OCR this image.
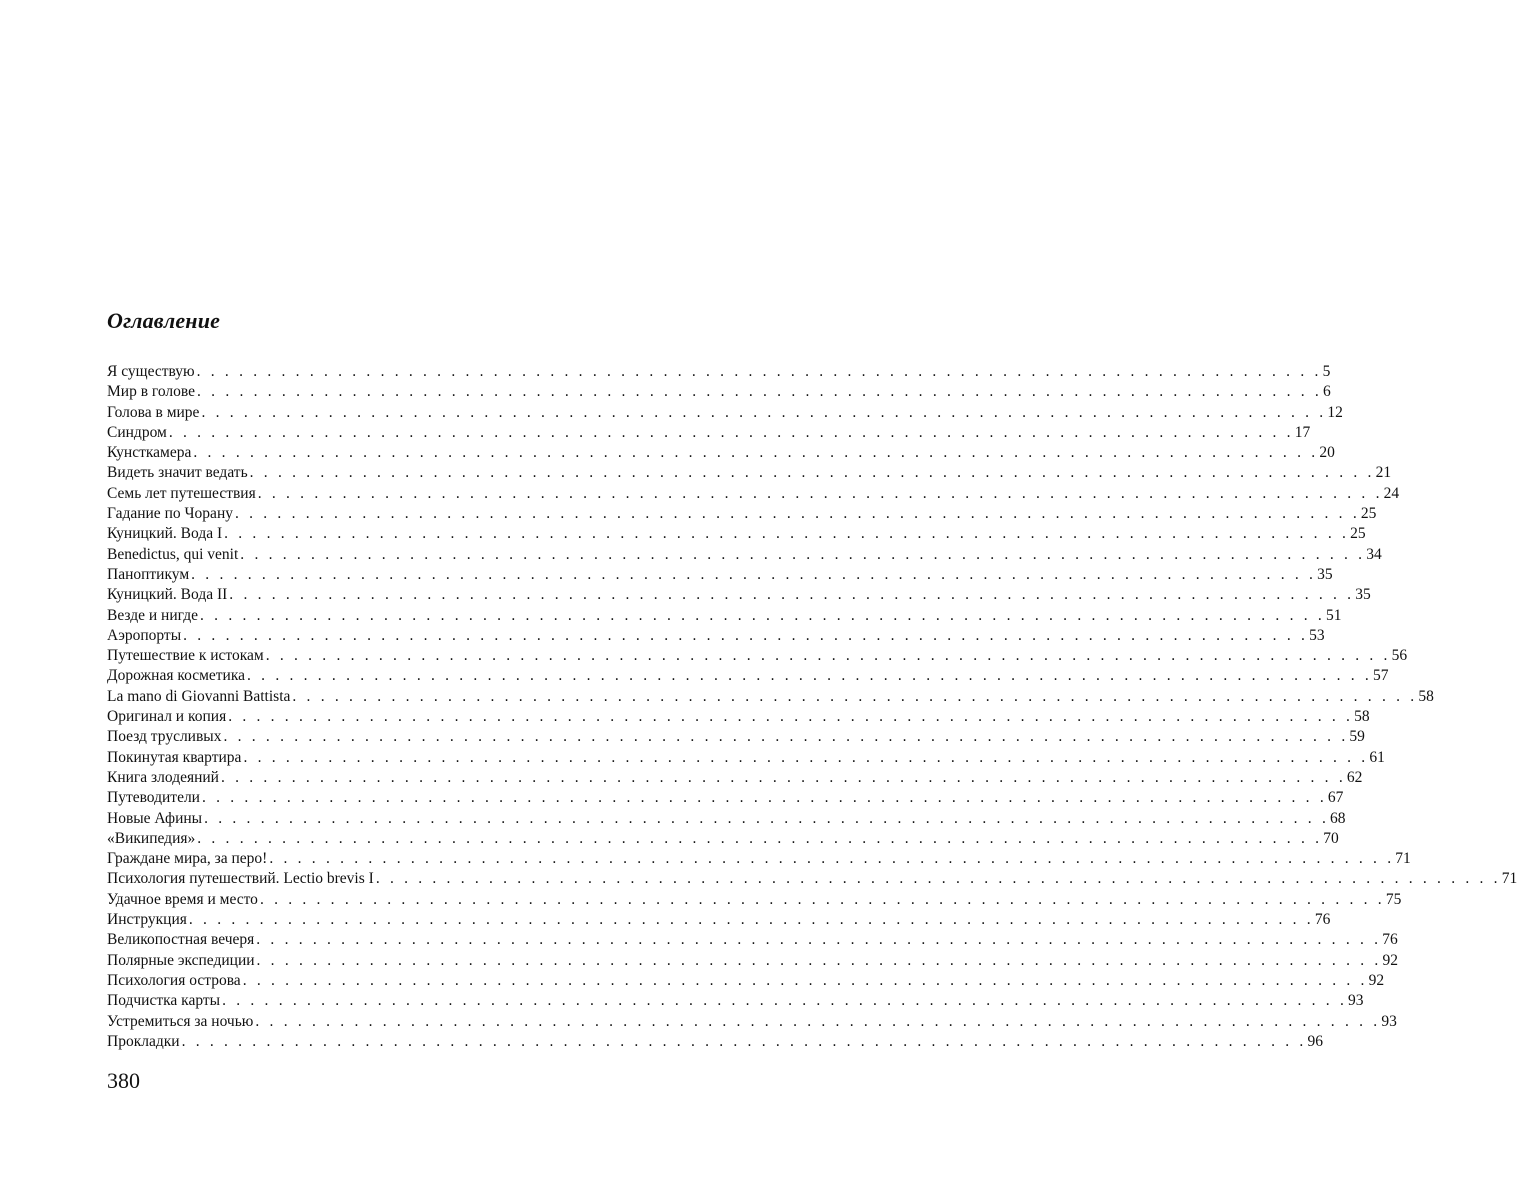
Оглавление
Я существую . . . . . . . . . . . . . . . . . . . . . . . . . . . . . . . . . . . . . . . . . . . . . . . . . . . . . . . . . . . . . . . . . . . . . . . . . . . . . . . . 5
Мир в голове . . . . . . . . . . . . . . . . . . . . . . . . . . . . . . . . . . . . . . . . . . . . . . . . . . . . . . . . . . . . . . . . . . . . . . . . . . . . . . . . 6
Голова в мире . . . . . . . . . . . . . . . . . . . . . . . . . . . . . . . . . . . . . . . . . . . . . . . . . . . . . . . . . . . . . . . . . . . . . . . . . . . . . . . . 12
Синдром . . . . . . . . . . . . . . . . . . . . . . . . . . . . . . . . . . . . . . . . . . . . . . . . . . . . . . . . . . . . . . . . . . . . . . . . . . . . . . . . 17
Кунсткамера . . . . . . . . . . . . . . . . . . . . . . . . . . . . . . . . . . . . . . . . . . . . . . . . . . . . . . . . . . . . . . . . . . . . . . . . . . . . . . . . 20
Видеть значит ведать . . . . . . . . . . . . . . . . . . . . . . . . . . . . . . . . . . . . . . . . . . . . . . . . . . . . . . . . . . . . . . . . . . . . . . . . . . . . . . . . 21
Семь лет путешествия . . . . . . . . . . . . . . . . . . . . . . . . . . . . . . . . . . . . . . . . . . . . . . . . . . . . . . . . . . . . . . . . . . . . . . . . . . . . . . . . 24
Гадание по Чорану . . . . . . . . . . . . . . . . . . . . . . . . . . . . . . . . . . . . . . . . . . . . . . . . . . . . . . . . . . . . . . . . . . . . . . . . . . . . . . . . 25
Куницкий. Вода I . . . . . . . . . . . . . . . . . . . . . . . . . . . . . . . . . . . . . . . . . . . . . . . . . . . . . . . . . . . . . . . . . . . . . . . . . . . . . . . . 25
Benedictus, qui venit . . . . . . . . . . . . . . . . . . . . . . . . . . . . . . . . . . . . . . . . . . . . . . . . . . . . . . . . . . . . . . . . . . . . . . . . . . . . . . . . 34
Паноптикум . . . . . . . . . . . . . . . . . . . . . . . . . . . . . . . . . . . . . . . . . . . . . . . . . . . . . . . . . . . . . . . . . . . . . . . . . . . . . . . . 35
Куницкий. Вода II . . . . . . . . . . . . . . . . . . . . . . . . . . . . . . . . . . . . . . . . . . . . . . . . . . . . . . . . . . . . . . . . . . . . . . . . . . . . . . . . 35
Везде и нигде . . . . . . . . . . . . . . . . . . . . . . . . . . . . . . . . . . . . . . . . . . . . . . . . . . . . . . . . . . . . . . . . . . . . . . . . . . . . . . . . 51
Аэропорты . . . . . . . . . . . . . . . . . . . . . . . . . . . . . . . . . . . . . . . . . . . . . . . . . . . . . . . . . . . . . . . . . . . . . . . . . . . . . . . . 53
Путешествие к истокам . . . . . . . . . . . . . . . . . . . . . . . . . . . . . . . . . . . . . . . . . . . . . . . . . . . . . . . . . . . . . . . . . . . . . . . . . . . . . . . . 56
Дорожная косметика . . . . . . . . . . . . . . . . . . . . . . . . . . . . . . . . . . . . . . . . . . . . . . . . . . . . . . . . . . . . . . . . . . . . . . . . . . . . . . . . 57
La mano di Giovanni Battista . . . . . . . . . . . . . . . . . . . . . . . . . . . . . . . . . . . . . . . . . . . . . . . . . . . . . . . . . . . . . . . . . . . . . . . . . . . . . . . . 58
Оригинал и копия . . . . . . . . . . . . . . . . . . . . . . . . . . . . . . . . . . . . . . . . . . . . . . . . . . . . . . . . . . . . . . . . . . . . . . . . . . . . . . . . 58
Поезд трусливых . . . . . . . . . . . . . . . . . . . . . . . . . . . . . . . . . . . . . . . . . . . . . . . . . . . . . . . . . . . . . . . . . . . . . . . . . . . . . . . . 59
Покинутая квартира . . . . . . . . . . . . . . . . . . . . . . . . . . . . . . . . . . . . . . . . . . . . . . . . . . . . . . . . . . . . . . . . . . . . . . . . . . . . . . . . 61
Книга злодеяний . . . . . . . . . . . . . . . . . . . . . . . . . . . . . . . . . . . . . . . . . . . . . . . . . . . . . . . . . . . . . . . . . . . . . . . . . . . . . . . . 62
Путеводители . . . . . . . . . . . . . . . . . . . . . . . . . . . . . . . . . . . . . . . . . . . . . . . . . . . . . . . . . . . . . . . . . . . . . . . . . . . . . . . . 67
Новые Афины . . . . . . . . . . . . . . . . . . . . . . . . . . . . . . . . . . . . . . . . . . . . . . . . . . . . . . . . . . . . . . . . . . . . . . . . . . . . . . . . 68
«Википедия» . . . . . . . . . . . . . . . . . . . . . . . . . . . . . . . . . . . . . . . . . . . . . . . . . . . . . . . . . . . . . . . . . . . . . . . . . . . . . . . . 70
Граждане мира, за перо! . . . . . . . . . . . . . . . . . . . . . . . . . . . . . . . . . . . . . . . . . . . . . . . . . . . . . . . . . . . . . . . . . . . . . . . . . . . . . . . . 71
Психология путешествий. Lectio brevis I . . . . . . . . . . . . . . . . . . . . . . . . . . . . . . . . . . . . . . . . . . . . . . . . . . . . . . . . . . . . . . . . . . . . . . . . . . . . . . . . 71
Удачное время и место . . . . . . . . . . . . . . . . . . . . . . . . . . . . . . . . . . . . . . . . . . . . . . . . . . . . . . . . . . . . . . . . . . . . . . . . . . . . . . . . 75
Инструкция . . . . . . . . . . . . . . . . . . . . . . . . . . . . . . . . . . . . . . . . . . . . . . . . . . . . . . . . . . . . . . . . . . . . . . . . . . . . . . . . 76
Великопостная вечеря . . . . . . . . . . . . . . . . . . . . . . . . . . . . . . . . . . . . . . . . . . . . . . . . . . . . . . . . . . . . . . . . . . . . . . . . . . . . . . . . 76
Полярные экспедиции . . . . . . . . . . . . . . . . . . . . . . . . . . . . . . . . . . . . . . . . . . . . . . . . . . . . . . . . . . . . . . . . . . . . . . . . . . . . . . . . 92
Психология острова . . . . . . . . . . . . . . . . . . . . . . . . . . . . . . . . . . . . . . . . . . . . . . . . . . . . . . . . . . . . . . . . . . . . . . . . . . . . . . . . 92
Подчистка карты . . . . . . . . . . . . . . . . . . . . . . . . . . . . . . . . . . . . . . . . . . . . . . . . . . . . . . . . . . . . . . . . . . . . . . . . . . . . . . . . 93
Устремиться за ночью . . . . . . . . . . . . . . . . . . . . . . . . . . . . . . . . . . . . . . . . . . . . . . . . . . . . . . . . . . . . . . . . . . . . . . . . . . . . . . . . 93
Прокладки . . . . . . . . . . . . . . . . . . . . . . . . . . . . . . . . . . . . . . . . . . . . . . . . . . . . . . . . . . . . . . . . . . . . . . . . . . . . . . . . 96
380
